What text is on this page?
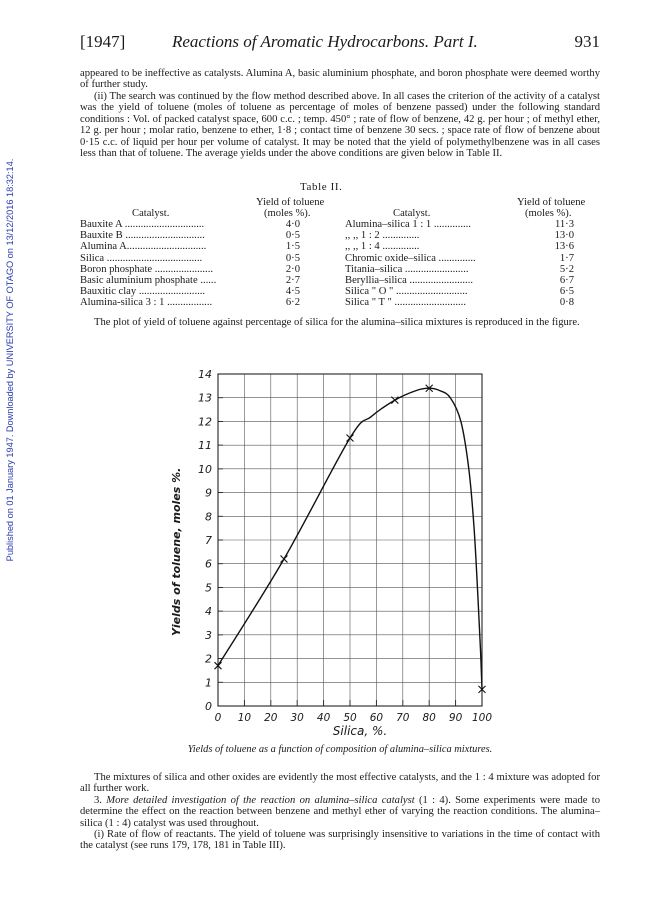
Published on 01 January 1947. Downloaded by UNIVERSITY OF OTAGO on 13/12/2016 18:32:14.
[1947]	Reactions of Aromatic Hydrocarbons. Part I.	931

appeared to be ineffective as catalysts. Alumina A, basic aluminium phosphate, and boron phosphate were deemed worthy of further study.

(ii) The search was continued by the flow method described above. In all cases the criterion of the activity of a catalyst was the yield of toluene (moles of toluene as percentage of moles of benzene passed) under the following standard conditions : Vol. of packed catalyst space, 600 c.c. ; temp. 450° ; rate of flow of benzene, 42 g. per hour ; of methyl ether, 12 g. per hour ; molar ratio, benzene to ether, 1·8 ; contact time of benzene 30 secs. ; space rate of flow of benzene about 0·15 c.c. of liquid per hour per volume of catalyst. It may be noted that the yield of polymethylbenzene was in all cases less than that of toluene. The average yields under the above conditions are given below in Table II.

Table II.
Yield of toluene
(moles %).
Catalyst.
Bauxite A ..............................	4·0
Bauxite B ..............................	0·5
Alumina A..............................	1·5
Silica ....................................	0·5
Boron phosphate ......................	2·0
Basic aluminium phosphate ......	2·7
Bauxitic clay .........................	4·5
Alumina-silica 3 : 1 .................	6·2
Yield of toluene
(moles %).
Catalyst.
Alumina–silica 1 : 1 ..............	11·3
,, ,, 1 : 2 ..............	13·0
,, ,, 1 : 4 ..............	13·6
Chromic oxide–silica ..............	1·7
Titania–silica ........................	5·2
Beryllia–silica ........................	6·7
Silica " O " ...........................	6·5
Silica " T " ...........................	0·8

The plot of yield of toluene against percentage of silica for the alumina–silica mixtures is reproduced in the figure.

0
1
2
3
4
5
6
7
8
9
10
11
12
13
14
0 10 20 30 40 50 60 70 80 90 100
Silica, %.
Yields of toluene, moles %.
Yields of toluene as a function of composition of alumina–silica mixtures.

The mixtures of silica and other oxides are evidently the most effective catalysts, and the 1 : 4 mixture was adopted for all further work.

3. More detailed investigation of the reaction on alumina–silica catalyst (1 : 4). Some experiments were made to determine the effect on the reaction between benzene and methyl ether of varying the reaction conditions. The alumina–silica (1 : 4) catalyst was used throughout.

(i) Rate of flow of reactants. The yield of toluene was surprisingly insensitive to variations in the time of contact with the catalyst (see runs 179, 178, 181 in Table III).
